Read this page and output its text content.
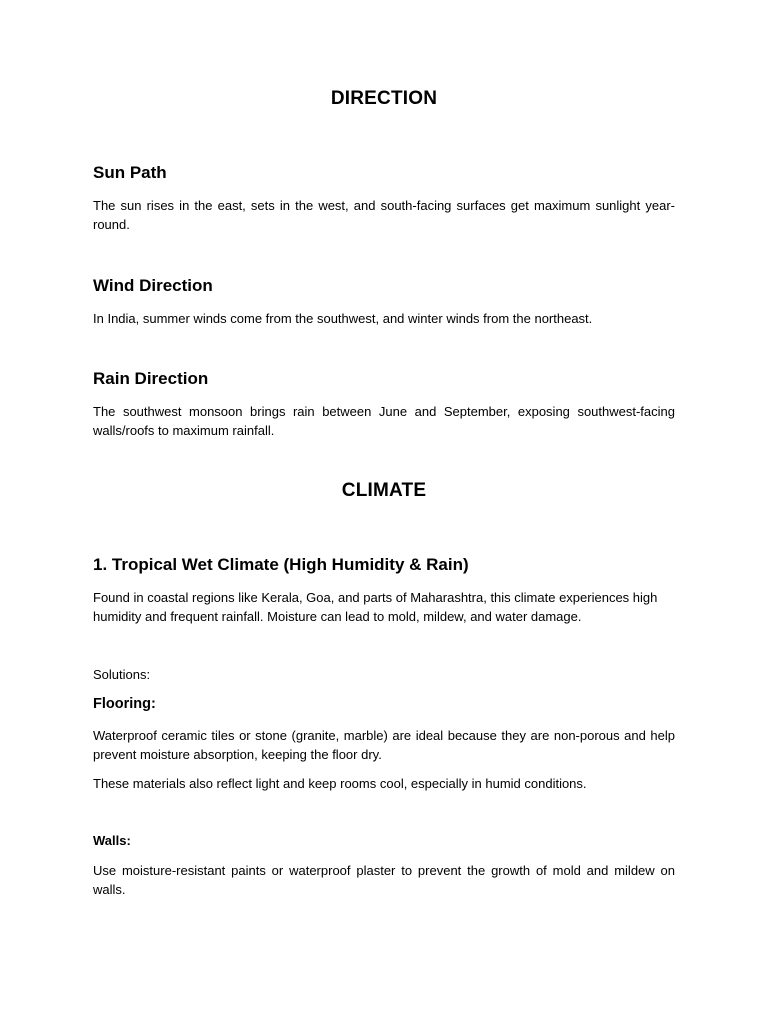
DIRECTION
Sun Path

The sun rises in the east, sets in the west, and south-facing surfaces get maximum sunlight year-round.

Wind Direction

In India, summer winds come from the southwest, and winter winds from the northeast.

Rain Direction

The southwest monsoon brings rain between June and September, exposing southwest-facing walls/roofs to maximum rainfall.

CLIMATE
1. Tropical Wet Climate (High Humidity & Rain)

Found in coastal regions like Kerala, Goa, and parts of Maharashtra, this climate experiences high humidity and frequent rainfall. Moisture can lead to mold, mildew, and water damage.

Solutions:

Flooring:

Waterproof ceramic tiles or stone (granite, marble) are ideal because they are non-porous and help prevent moisture absorption, keeping the floor dry.

These materials also reflect light and keep rooms cool, especially in humid conditions.

Walls:

Use moisture-resistant paints or waterproof plaster to prevent the growth of mold and mildew on walls.
